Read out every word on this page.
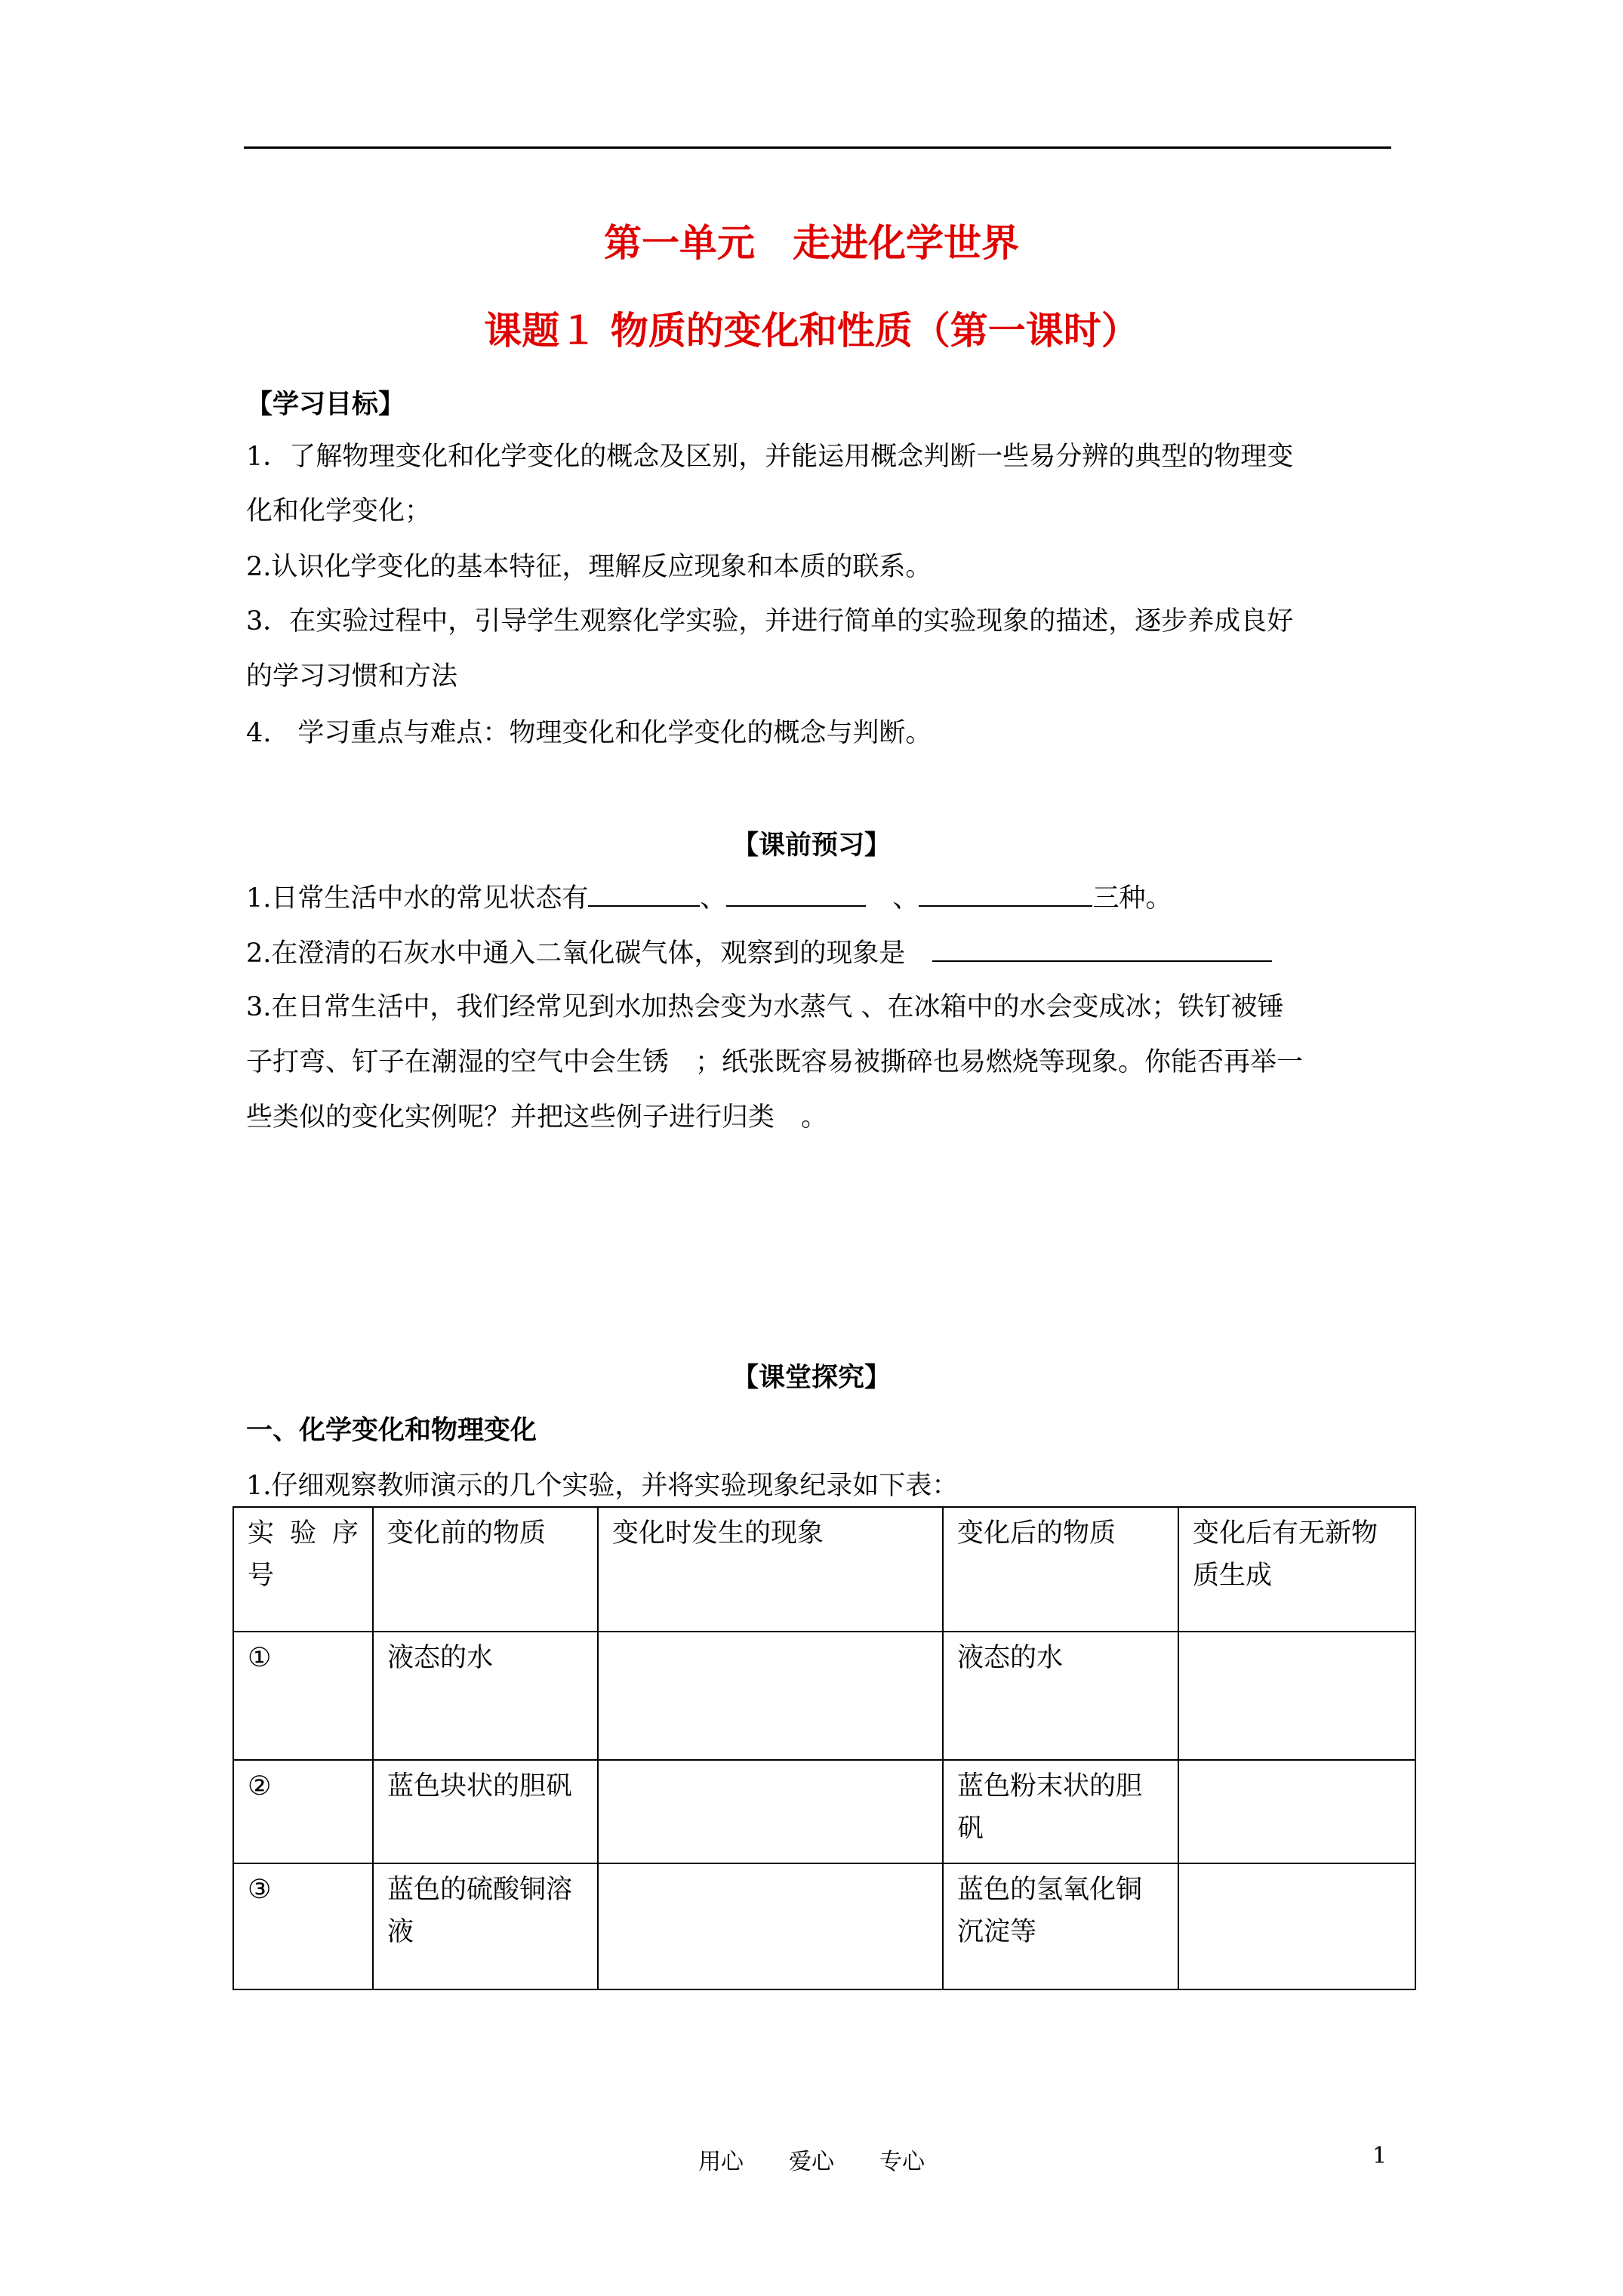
第一单元　走进化学世界
课题１ 物质的变化和性质（第一课时）
【学习目标】
1．了解物理变化和化学变化的概念及区别，并能运用概念判断一些易分辨的典型的物理变
化和化学变化；
2.认识化学变化的基本特征，理解反应现象和本质的联系。
3．在实验过程中，引导学生观察化学实验，并进行简单的实验现象的描述，逐步养成良好
的学习习惯和方法
4.　学习重点与难点：物理变化和化学变化的概念与判断。
【课前预习】
1.日常生活中水的常见状态有	、	　、	三种。
2.在澄清的石灰水中通入二氧化碳气体，观察到的现象是
3.在日常生活中，我们经常见到水加热会变为水蒸气 、在冰箱中的水会变成冰；铁钉被锤
子打弯、钉子在潮湿的空气中会生锈　；纸张既容易被撕碎也易燃烧等现象。你能否再举一
些类似的变化实例呢？并把这些例子进行归类　。
【课堂探究】
一、化学变化和物理变化
1.仔细观察教师演示的几个实验，并将实验现象纪录如下表：
实 验 序 号	变化前的物质	变化时发生的现象	变化后的物质	变化后有无新物质生成
①	液态的水		液态的水	
②	蓝色块状的胆矾		蓝色粉末状的胆矾	
③	蓝色的硫酸铜溶液		蓝色的氢氧化铜沉淀等	
用心　　爱心　　专心	1
